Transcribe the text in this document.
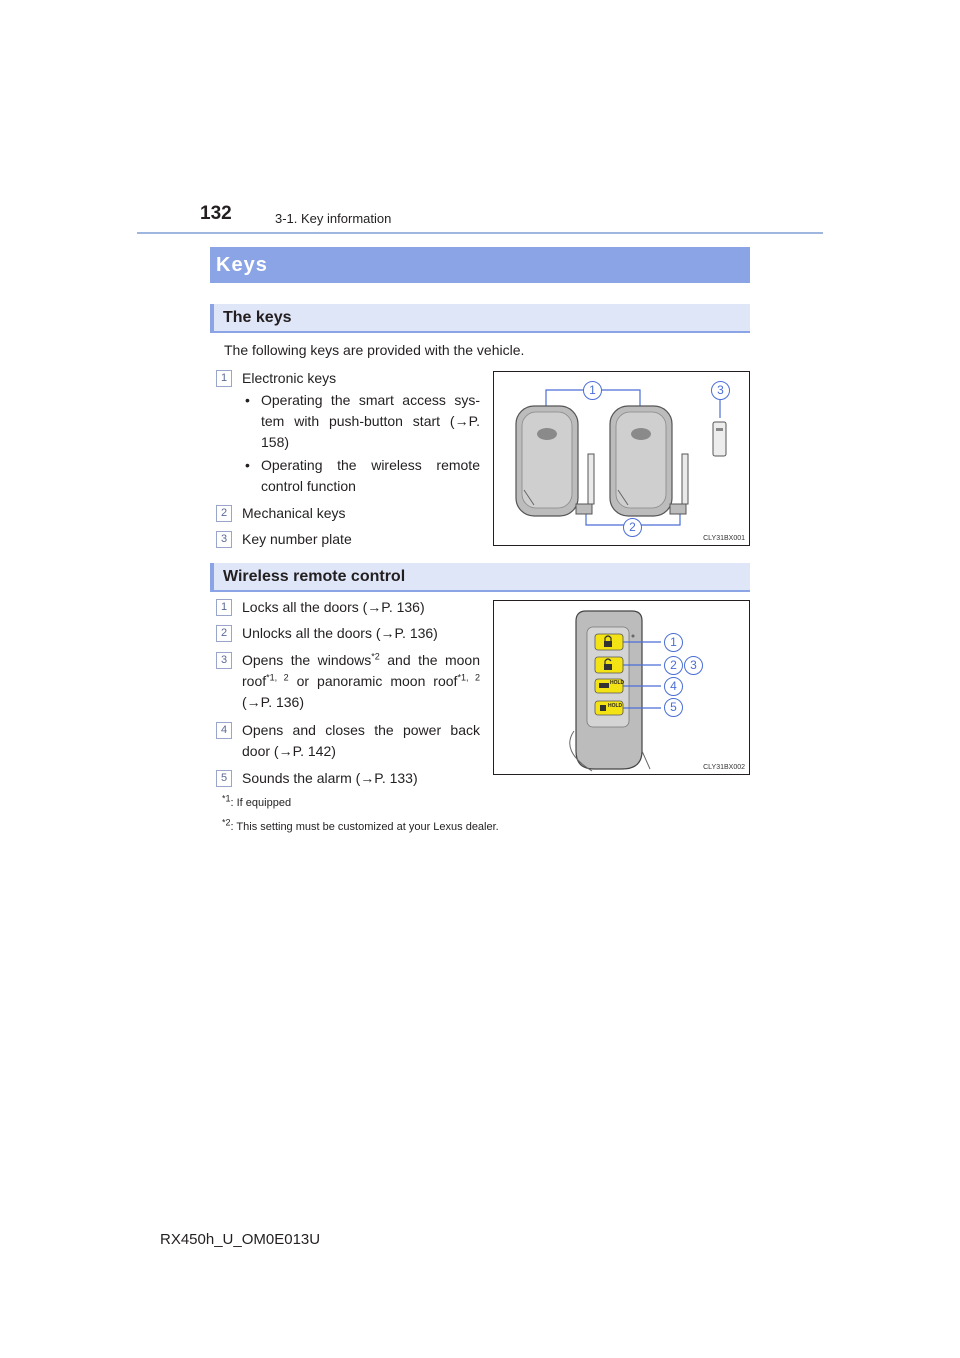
132	3-1. Key information
Keys
The keys
The following keys are provided with the vehicle.
1	Electronic keys
• Operating the smart access sys-tem with push-button start (→P. 158)
• Operating the wireless remote control function
2	Mechanical keys
3	Key number plate
1	3
2
CLY31BX001
Wireless remote control
1	Locks all the doors (→P. 136)
2	Unlocks all the doors (→P. 136)
3	Opens the windows$^{*2}$ and the moon roof$^{*1, 2}$ or panoramic moon roof$^{*1, 2}$ (→P. 136)
4	Opens and closes the power back door (→P. 142)
5	Sounds the alarm (→P. 133)
HOLD
HOLD
1
2	3
4
5
CLY31BX002
$^{*1}$: If equipped
$^{*2}$: This setting must be customized at your Lexus dealer.
RX450h_U_OM0E013U
